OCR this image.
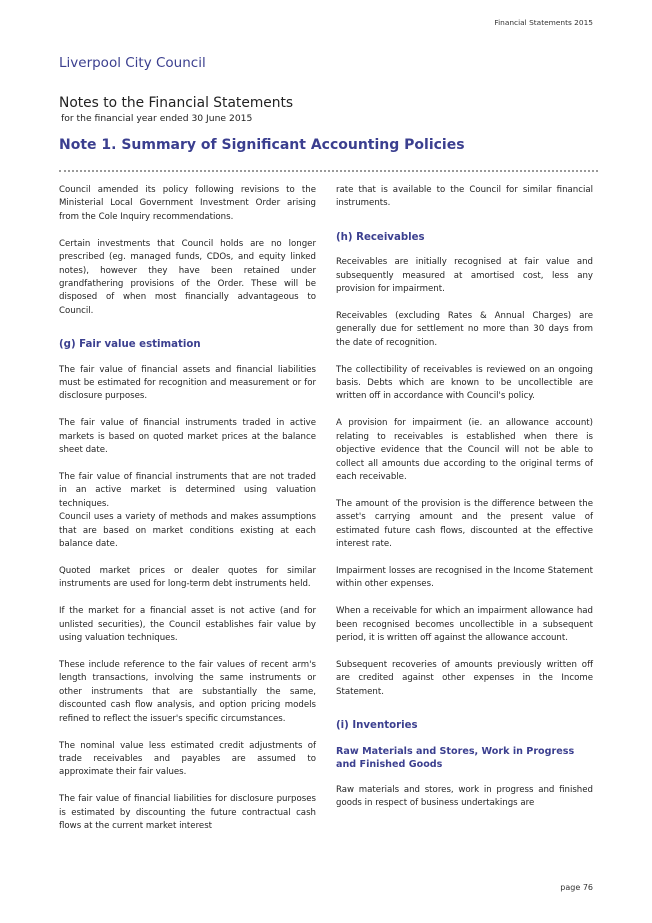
Financial Statements 2015
Liverpool City Council
Notes to the Financial Statements
for the financial year ended 30 June 2015
Note 1. Summary of Significant Accounting Policies

Council amended its policy following revisions to the Ministerial Local Government Investment Order arising from the Cole Inquiry recommendations.

Certain investments that Council holds are no longer prescribed (eg. managed funds, CDOs, and equity linked notes), however they have been retained under grandfathering provisions of the Order. These will be disposed of when most financially advantageous to Council.

(g) Fair value estimation

The fair value of financial assets and financial liabilities must be estimated for recognition and measurement or for disclosure purposes.

The fair value of financial instruments traded in active markets is based on quoted market prices at the balance sheet date.

The fair value of financial instruments that are not traded in an active market is determined using valuation techniques.

Council uses a variety of methods and makes assumptions that are based on market conditions existing at each balance date.

Quoted market prices or dealer quotes for similar instruments are used for long-term debt instruments held.

If the market for a financial asset is not active (and for unlisted securities), the Council establishes fair value by using valuation techniques.

These include reference to the fair values of recent arm's length transactions, involving the same instruments or other instruments that are substantially the same, discounted cash flow analysis, and option pricing models refined to reflect the issuer's specific circumstances.

The nominal value less estimated credit adjustments of trade receivables and payables are assumed to approximate their fair values.

The fair value of financial liabilities for disclosure purposes is estimated by discounting the future contractual cash flows at the current market interest

rate that is available to the Council for similar financial instruments.

(h) Receivables

Receivables are initially recognised at fair value and subsequently measured at amortised cost, less any provision for impairment.

Receivables (excluding Rates & Annual Charges) are generally due for settlement no more than 30 days from the date of recognition.

The collectibility of receivables is reviewed on an ongoing basis. Debts which are known to be uncollectible are written off in accordance with Council's policy.

A provision for impairment (ie. an allowance account) relating to receivables is established when there is objective evidence that the Council will not be able to collect all amounts due according to the original terms of each receivable.

The amount of the provision is the difference between the asset's carrying amount and the present value of estimated future cash flows, discounted at the effective interest rate.

Impairment losses are recognised in the Income Statement within other expenses.

When a receivable for which an impairment allowance had been recognised becomes uncollectible in a subsequent period, it is written off against the allowance account.

Subsequent recoveries of amounts previously written off are credited against other expenses in the Income Statement.

(i) Inventories
Raw Materials and Stores, Work in Progress and Finished Goods

Raw materials and stores, work in progress and finished goods in respect of business undertakings are

page 76
